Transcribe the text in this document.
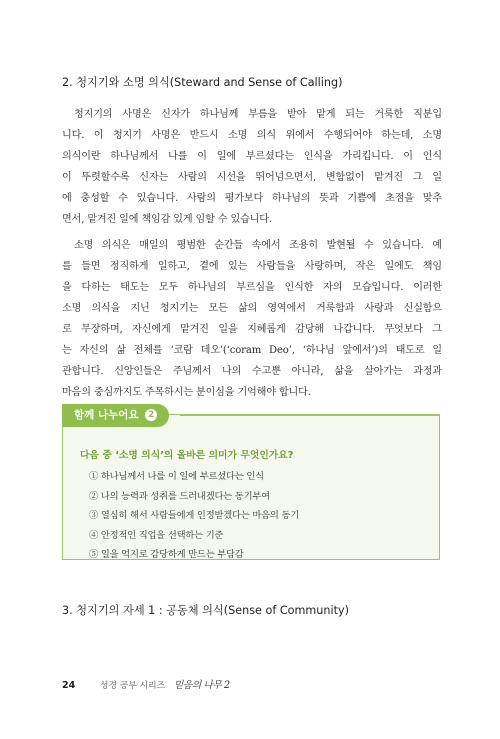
2. 청지기와 소명 의식(Steward and Sense of Calling)
청지기의 사명은 신자가 하나님께 부름을 받아 맡게 되는 거룩한 직분입
니다. 이 청지기 사명은 반드시 소명 의식 위에서 수행되어야 하는데, 소명
의식이란 하나님께서 나를 이 일에 부르셨다는 인식을 가리킵니다. 이 인식
이 뚜렷할수록 신자는 사람의 시선을 뛰어넘으면서, 변함없이 맡겨진 그 일
에 충성할 수 있습니다. 사람의 평가보다 하나님의 뜻과 기쁨에 초점을 맞추
면서, 맡겨진 일에 책임감 있게 임할 수 있습니다.
소명 의식은 매일의 평범한 순간들 속에서 조용히 발현될 수 있습니다. 예
를 들면 정직하게 일하고, 곁에 있는 사람들을 사랑하며, 작은 일에도 책임
을 다하는 태도는 모두 하나님의 부르심을 인식한 자의 모습입니다. 이러한
소명 의식을 지닌 청지기는 모든 삶의 영역에서 거룩함과 사랑과 신실함으
로 무장하며, 자신에게 맡겨진 일을 지혜롭게 감당해 나갑니다. 무엇보다 그
는 자신의 삶 전체를 ‘코람 데오’(‘coram Deo’, ‘하나님 앞에서’)의 태도로 일
관합니다. 신앙인들은 주님께서 나의 수고뿐 아니라, 삶을 살아가는 과정과
마음의 중심까지도 주목하시는 분이심을 기억해야 합니다.
함께 나누어요 2
다음 중 ‘소명 의식’의 올바른 의미가 무엇인가요?
① 하나님께서 나를 이 일에 부르셨다는 인식
② 나의 능력과 성취를 드러내겠다는 동기부여
③ 열심히 해서 사람들에게 인정받겠다는 마음의 동기
④ 안정적인 직업을 선택하는 기준
⑤ 일을 억지로 감당하게 만드는 부담감
3. 청지기의 자세 1 : 공동체 의식(Sense of Community)
24	성경 공부 시리즈 믿음의 나무 2
